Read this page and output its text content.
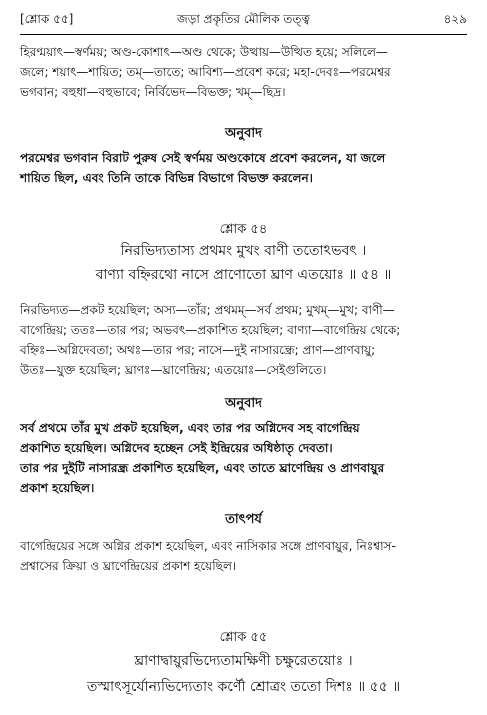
[শ্লোক ৫৫]	জড়া প্রকৃতির মৌলিক তত্ত্ব	৪২৯
হিরণ্ময়াৎ—স্বর্ণময়; অণ্ড-কোশাৎ—অণ্ড থেকে; উত্থায়—উত্থিত হয়ে; সলিলে—
জলে; শয়াৎ—শায়িত; তম্—তাতে; আবিশ্য—প্রবেশ করে; মহা-দেবঃ—পরমেশ্বর
ভগবান; বহুধা—বহুভাবে; নির্বিভেদ—বিভক্ত; খম্—ছিদ্র।
অনুবাদ
পরমেশ্বর ভগবান বিরাট পুরুষ সেই স্বর্ণময় অণ্ডকোষে প্রবেশ করলেন, যা জলে
শায়িত ছিল, এবং তিনি তাকে বিভিন্ন বিভাগে বিভক্ত করলেন।
শ্লোক ৫৪
নিরভিদ্যতাস্য প্রথমং মুখং বাণী ততোঽভবৎ ।
বাণ্যা বহ্নিরথো নাসে প্রাণোতো ঘ্রাণ এতয়োঃ ॥ ৫৪ ॥
নিরভিদ্যত—প্রকট হয়েছিল; অস্য—তাঁর; প্রথমম্—সর্ব প্রথম; মুখম্—মুখ; বাণী—
বাগেন্দ্রিয়; ততঃ—তার পর; অভবৎ—প্রকাশিত হয়েছিল; বাণ্যা—বাগেন্দ্রিয় থেকে;
বহ্নিঃ—অগ্নিদেবতা; অথঃ—তার পর; নাসে—দুই নাসারন্ধ্রে; প্রাণ—প্রাণবায়ু;
উতঃ—যুক্ত হয়েছিল; ঘ্রাণঃ—ঘ্রাণেন্দ্রিয়; এতয়োঃ—সেইগুলিতে।
অনুবাদ
সর্ব প্রথমে তাঁর মুখ প্রকট হয়েছিল, এবং তার পর অগ্নিদেব সহ বাগেন্দ্রিয়
প্রকাশিত হয়েছিল। অগ্নিদেব হচ্ছেন সেই ইন্দ্রিয়ের অধিষ্ঠাতৃ দেবতা।
তার পর দুইটি নাসারন্ধ্র প্রকাশিত হয়েছিল, এবং তাতে ঘ্রাণেন্দ্রিয় ও প্রাণবায়ুর
প্রকাশ হয়েছিল।
তাৎপর্য
বাগেন্দ্রিয়ের সঙ্গে অগ্নির প্রকাশ হয়েছিল, এবং নাসিকার সঙ্গে প্রাণবায়ুর, নিঃশ্বাস-
প্রশ্বাসের ক্রিয়া ও ঘ্রাণেন্দ্রিয়ের প্রকাশ হয়েছিল।
শ্লোক ৫৫
ঘ্রাণাদ্বায়ুরভিদ্যেতামক্ষিণী চক্ষুরেতয়োঃ ।
তস্মাৎসূর্যোন্যভিদ্যেতাং কর্ণৌ শ্রোত্রং ততো দিশঃ ॥ ৫৫ ॥
